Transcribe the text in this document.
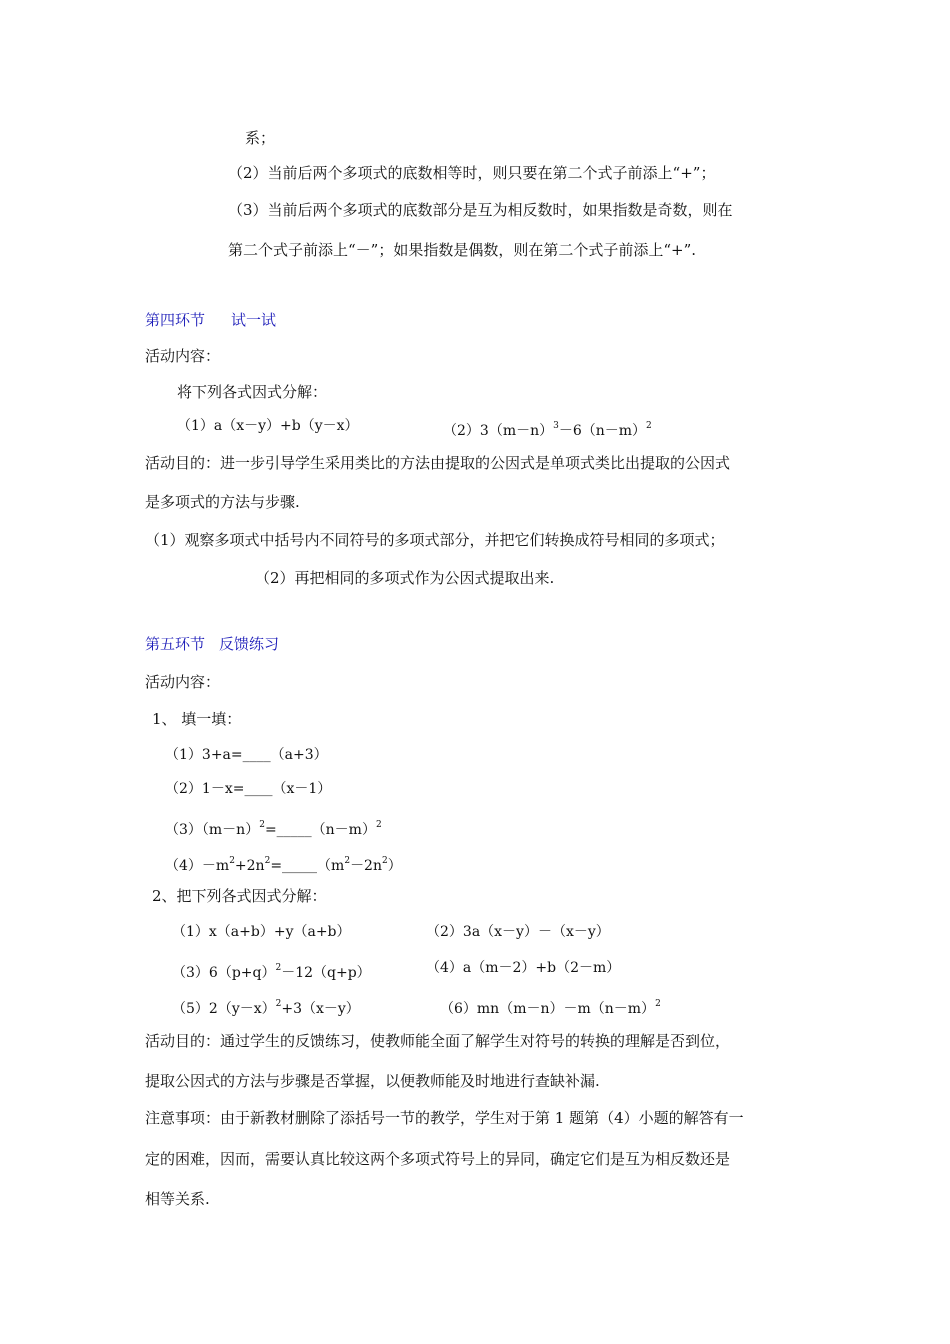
系；
（2）当前后两个多项式的底数相等时，则只要在第二个式子前添上“+”；
（3）当前后两个多项式的底数部分是互为相反数时，如果指数是奇数，则在
第二个式子前添上“－”；如果指数是偶数，则在第二个式子前添上“+”.
第四环节 试一试
活动内容：
将下列各式因式分解：
（1）a（x－y）+b（y－x）	$(2)3(m-n)^3-6(n-m)^2$
活动目的：进一步引导学生采用类比的方法由提取的公因式是单项式类比出提取的公因式
是多项式的方法与步骤.
（1）观察多项式中括号内不同符号的多项式部分，并把它们转换成符号相同的多项式；
（2）再把相同的多项式作为公因式提取出来.
第五环节 反馈练习
活动内容：
1、 填一填：
（1）3+a=____（a+3）
（2）1－x=____（x－1）
$(3)(m-n)^2=\_\_\_\_\_(n-m)^2$
$(4)-m^2+2n^2=\_\_\_\_\_(m^2-2n^2)$
2、把下列各式因式分解：
（1）x（a+b）+y（a+b）	（2）3a（x－y）－（x－y）
$(3)6(p+q)^2-12(q+p)$	（4）a（m－2）+b（2－m）
$(5)2(y-x)^2+3(x-y)$	$(6)mn(m-n)-m(n-m)^2$
活动目的：通过学生的反馈练习，使教师能全面了解学生对符号的转换的理解是否到位，
提取公因式的方法与步骤是否掌握，以便教师能及时地进行查缺补漏.
注意事项：由于新教材删除了添括号一节的教学，学生对于第 1 题第（4）小题的解答有一
定的困难，因而，需要认真比较这两个多项式符号上的异同，确定它们是互为相反数还是
相等关系.
